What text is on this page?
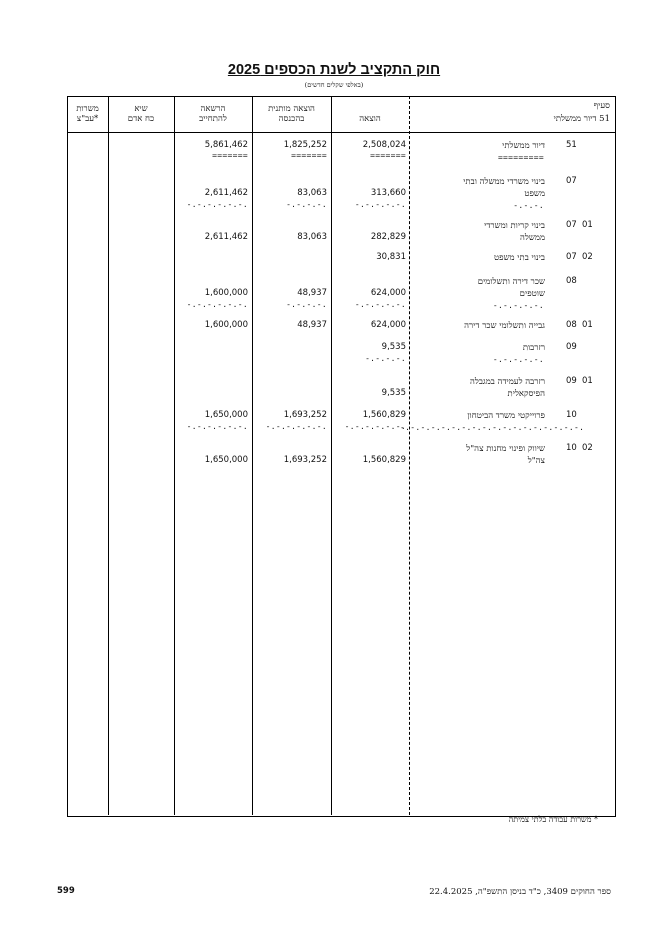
חוק התקציב לשנת הכספים 2025
(באלפי שקלים חדשים)
משרות
עב"צ*
שיא
כח אדם
הרשאה
להתחייב
הוצאה מותנית
בהכנסה	הוצאה
סעיף
51 דיור ממשלתי
51
דיור ממשלתי
=========
2,508,024
=======
1,825,252
=======
5,861,462
=======
07
בינוי משרדי ממשלה ובתי
משפט
-.-.-.
313,660
-.-.-.-.-.
83,063
-.-.-.-.
2,611,462
-.-.-.-.-.-.
07 01
בינוי קריות ומשרדי
ממשלה
282,829
83,063
2,611,462
07 02
בינוי בתי משפט
30,831
08
שכר דירה ותשלומים
שוטפים
-.-.-.-.-.
624,000
-.-.-.-.-.
48,937
-.-.-.-.
1,600,000
-.-.-.-.-.-.
08 01
גבייה ותשלומי שכר דירה
624,000
48,937
1,600,000
09
רזרבות
-.-.-.-.-.
9,535
-.-.-.-.
09 01
רזרבה לעמידה במגבלה
הפיסקאלית
9,535
10
פרוייקטי משרד הביטחון
-.-.-.-.-.-.-.-.-.-.-.-.-.-.-.-.-.-.
1,560,829
-.-.-.-.-.-.
1,693,252
-.-.-.-.-.-.
1,650,000
-.-.-.-.-.-.
10 02
שיווק ופינוי מחנות צה"ל
צה"ל
1,560,829
1,693,252
1,650,000
* משרות עבודה בלתי צמיתה
599	ספר החוקים 3409, כ"ד בניסן התשפ"ה, 22.4.2025
